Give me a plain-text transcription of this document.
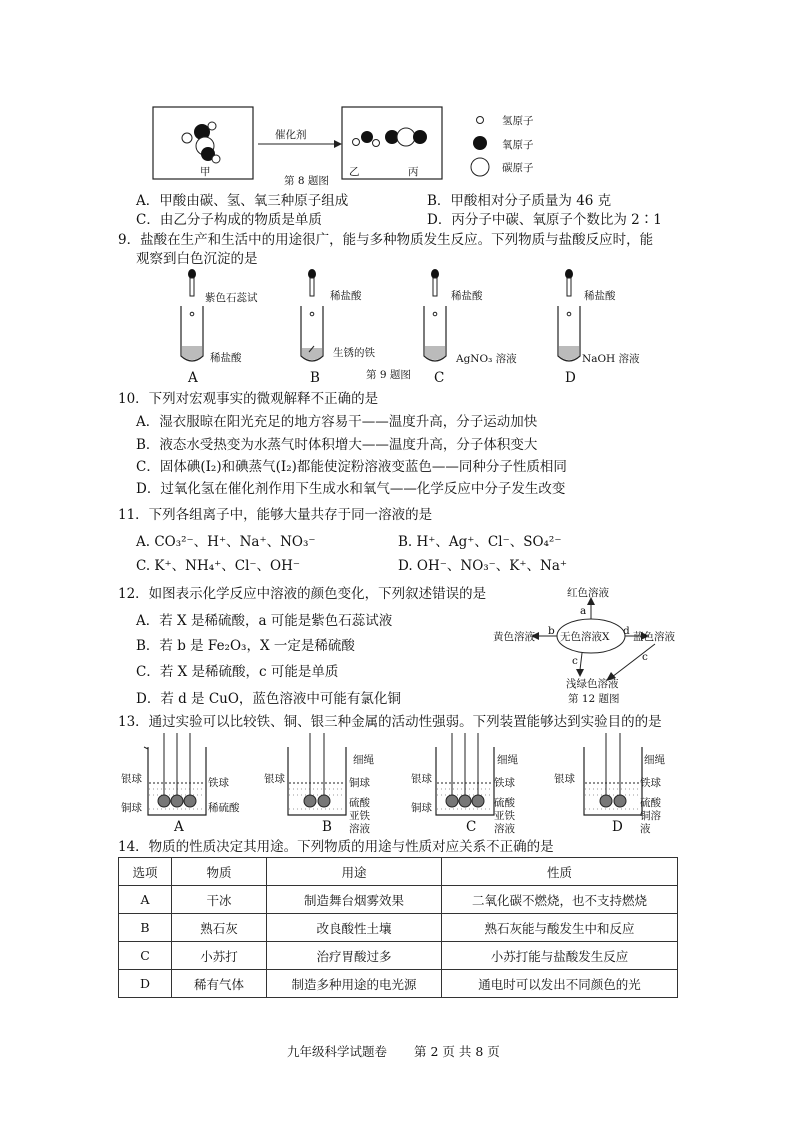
催化剂
甲	乙	丙
第 8 题图
氢原子
氧原子
碳原子
A．甲酸由碳、氢、氧三种原子组成	B．甲酸相对分子质量为 46 克
C．由乙分子构成的物质是单质	D．丙分子中碳、氧原子个数比为 2∶1
9．盐酸在生产和生活中的用途很广，能与多种物质发生反应。下列物质与盐酸反应时，能
观察到白色沉淀的是
紫色石蕊试
稀盐酸
稀盐酸
生锈的铁
稀盐酸
AgNO₃ 溶液
稀盐酸
NaOH 溶液
A	B	第 9 题图 C	D
10．下列对宏观事实的微观解释不正确的是
A．湿衣服晾在阳光充足的地方容易干——温度升高，分子运动加快
B．液态水受热变为水蒸气时体积增大——温度升高，分子体积变大
C．固体碘(I₂)和碘蒸气(I₂)都能使淀粉溶液变蓝色——同种分子性质相同
D．过氧化氢在催化剂作用下生成水和氧气——化学反应中分子发生改变
11．下列各组离子中，能够大量共存于同一溶液的是
A. CO₃²⁻、H⁺、Na⁺、NO₃⁻	B. H⁺、Ag⁺、Cl⁻、SO₄²⁻
C. K⁺、NH₄⁺、Cl⁻、OH⁻	D. OH⁻、NO₃⁻、K⁺、Na⁺
12．如图表示化学反应中溶液的颜色变化，下列叙述错误的是
A．若 X 是稀硫酸，a 可能是紫色石蕊试液
B．若 b 是 Fe₂O₃，X 一定是稀硫酸
C．若 X 是稀硫酸，c 可能是单质
D．若 d 是 CuO，蓝色溶液中可能有氯化铜
红色溶液
a
黄色溶液 b 无色溶液X d 蓝色溶液
c	c
浅绿色溶液
第 12 题图
13．通过实验可以比较铁、铜、银三种金属的活动性强弱。下列装置能够达到实验目的的是
银球
铜球
铁球
稀硫酸
A
细绳
银球	铜球
硫酸亚铁溶液
B
细绳
银球
铜球
铁球
硫酸亚铁溶液
C
细绳
银球	铁球
硫酸铜溶液
D
14．物质的性质决定其用途。下列物质的用途与性质对应关系不正确的是
选项	物质	用途	性质
A	干冰	制造舞台烟雾效果	二氧化碳不燃烧，也不支持燃烧
B	熟石灰	改良酸性土壤	熟石灰能与酸发生中和反应
C	小苏打	治疗胃酸过多	小苏打能与盐酸发生反应
D	稀有气体	制造多种用途的电光源	通电时可以发出不同颜色的光
九年级科学试题卷 第 2 页 共 8 页
